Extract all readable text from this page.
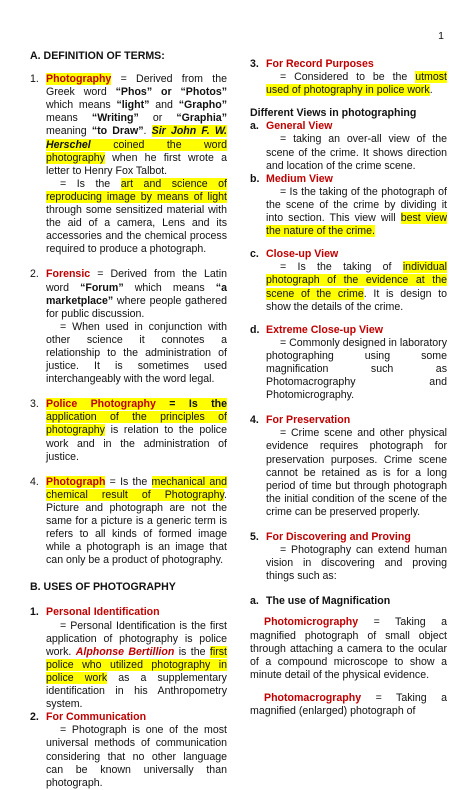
1

A. DEFINITION OF TERMS:

1. Photography = Derived from the Greek word “Phos” or “Photos” which means “light” and “Grapho” means “Writing” or “Graphia” meaning “to Draw”. Sir John F. W. Herschel coined the word photography when he first wrote a letter to Henry Fox Talbot.

= Is the art and science of reproducing image by means of light through some sensitized material with the aid of a camera, Lens and its accessories and the chemical process required to produce a photograph.

2. Forensic = Derived from the Latin word “Forum” which means “a marketplace” where people gathered for public discussion.

= When used in conjunction with other science it connotes a relationship to the administration of justice. It is sometimes used interchangeably with the word legal.

3. Police Photography = Is the application of the principles of photography is relation to the police work and in the administration of justice.

4. Photograph = Is the mechanical and chemical result of Photography. Picture and photograph are not the same for a picture is a generic term is refers to all kinds of formed image while a photograph is an image that can only be a product of photography.

B. USES OF PHOTOGRAPHY

1. Personal Identification

= Personal Identification is the first application of photography is police work. Alphonse Bertillion is the first police who utilized photography in police work as a supplementary identification in his Anthropometry system.

2. For Communication

= Photograph is one of the most universal methods of communication considering that no other language can be known universally than photograph.

3. For Record Purposes

= Considered to be the utmost used of photography in police work.

Different Views in photographing

a. General View

= taking an over-all view of the scene of the crime. It shows direction and location of the crime scene.

b. Medium View

= Is the taking of the photograph of the scene of the crime by dividing it into section. This view will best view the nature of the crime.

c. Close-up View

= Is the taking of individual photograph of the evidence at the scene of the crime. It is design to show the details of the crime.

d. Extreme Close-up View

= Commonly designed in laboratory photographing using some magnification such as Photomacrography and Photomicrography.

4. For Preservation

= Crime scene and other physical evidence requires photograph for preservation purposes. Crime scene cannot be retained as is for a long period of time but through photograph the initial condition of the scene of the crime can be preserved properly.

5. For Discovering and Proving

= Photography can extend human vision in discovering and proving things such as:

a. The use of Magnification

Photomicrography = Taking a magnified photograph of small object through attaching a camera to the ocular of a compound microscope to show a minute detail of the physical evidence.

Photomacrography = Taking a magnified (enlarged) photograph of
